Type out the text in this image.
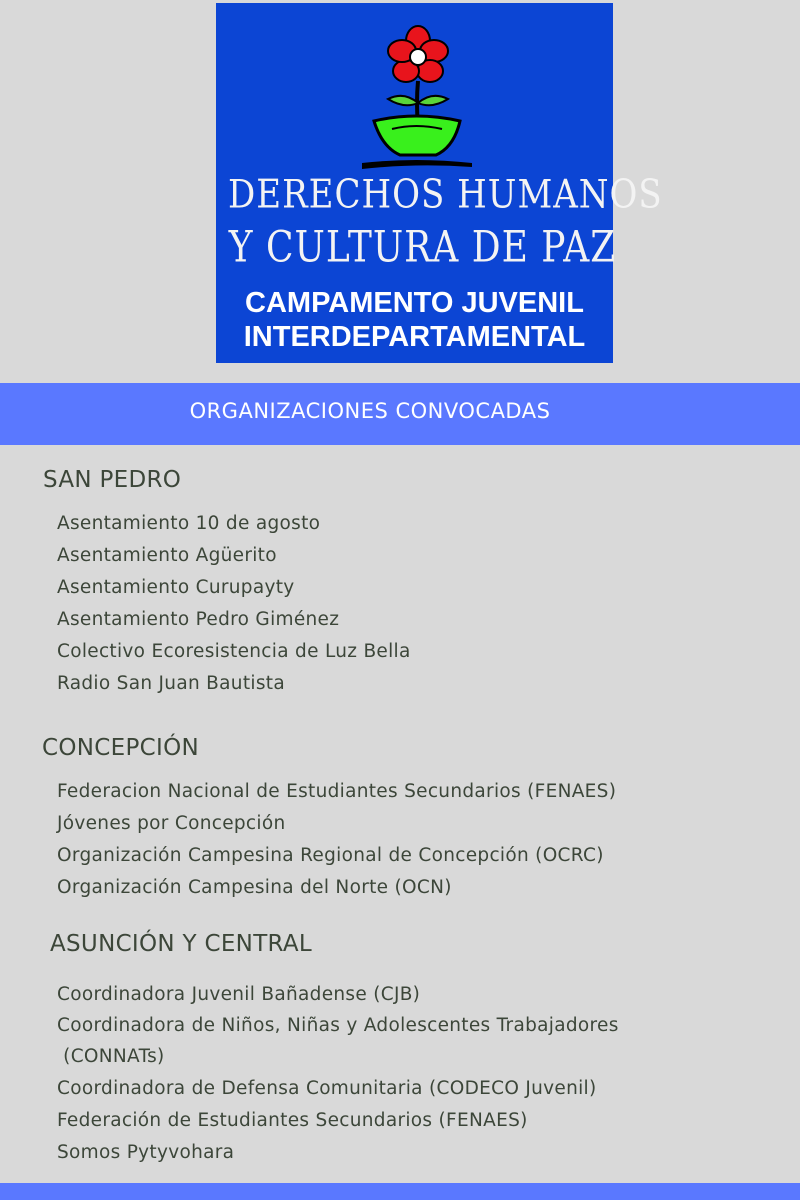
DERECHOS HUMANOS
Y CULTURA DE PAZ
CAMPAMENTO JUVENIL
INTERDEPARTAMENTAL
ORGANIZACIONES CONVOCADAS
SAN PEDRO
Asentamiento 10 de agosto
Asentamiento Agüerito
Asentamiento Curupayty
Asentamiento Pedro Giménez
Colectivo Ecoresistencia de Luz Bella
Radio San Juan Bautista
CONCEPCIÓN
Federacion Nacional de Estudiantes Secundarios (FENAES)
Jóvenes por Concepción
Organización Campesina Regional de Concepción (OCRC)
Organización Campesina del Norte (OCN)
ASUNCIÓN Y CENTRAL
Coordinadora Juvenil Bañadense (CJB)
Coordinadora de Niños, Niñas y Adolescentes Trabajadores
(CONNATs)
Coordinadora de Defensa Comunitaria (CODECO Juvenil)
Federación de Estudiantes Secundarios (FENAES)
Somos Pytyvohara
